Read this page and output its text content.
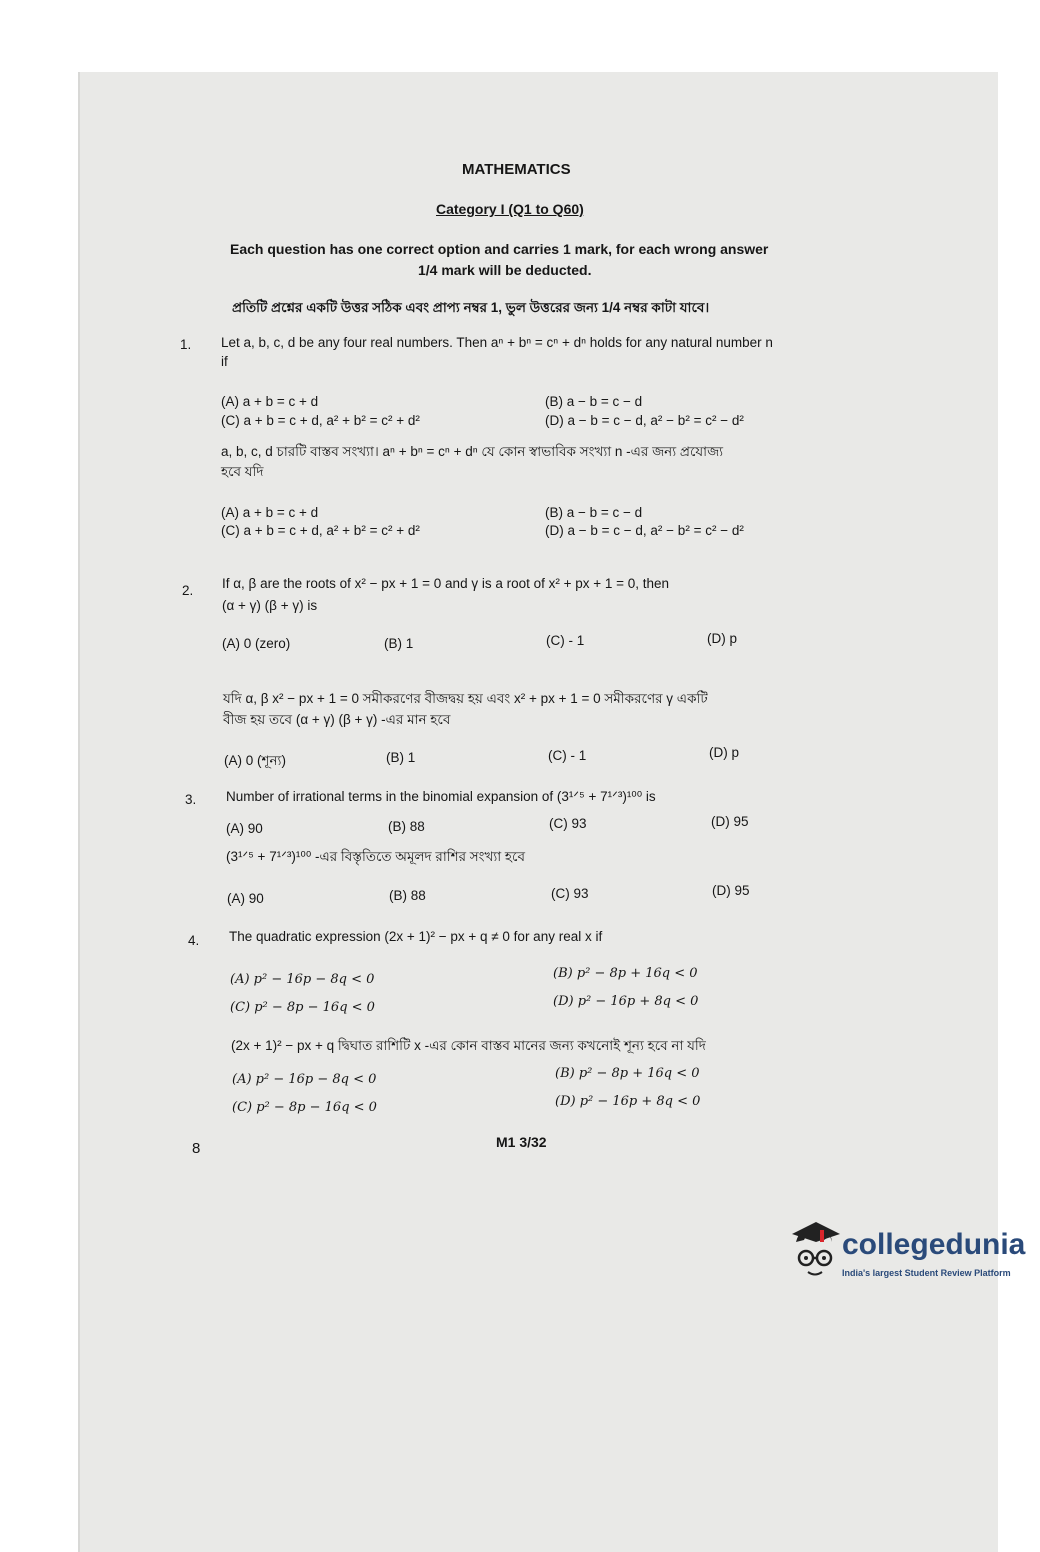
MATHEMATICS
Category I (Q1 to Q60)
Each question has one correct option and carries 1 mark, for each wrong answer
1/4 mark will be deducted.
প্রতিটি প্রশ্নের একটি উত্তর সঠিক এবং প্রাপ্য নম্বর 1, ভুল উত্তরের জন্য 1/4 নম্বর কাটা যাবে।
1. Let a, b, c, d be any four real numbers. Then aⁿ + bⁿ = cⁿ + dⁿ holds for any natural number n
if
(A) a + b = c + d	(B) a − b = c − d
(C) a + b = c + d, a² + b² = c² + d²	(D) a − b = c − d, a² − b² = c² − d²
a, b, c, d চারটি বাস্তব সংখ্যা। aⁿ + bⁿ = cⁿ + dⁿ যে কোন স্বাভাবিক সংখ্যা n -এর জন্য প্রযোজ্য
হবে যদি
(A) a + b = c + d	(B) a − b = c − d
(C) a + b = c + d, a² + b² = c² + d²	(D) a − b = c − d, a² − b² = c² − d²
2. If α, β are the roots of x² − px + 1 = 0 and γ is a root of x² + px + 1 = 0, then
(α + γ) (β + γ) is
(A) 0 (zero)	(B) 1	(C) - 1	(D) p
যদি α, β x² − px + 1 = 0 সমীকরণের বীজদ্বয় হয় এবং x² + px + 1 = 0 সমীকরণের γ একটি
বীজ হয় তবে (α + γ) (β + γ) -এর মান হবে
(A) 0 (শূন্য)	(B) 1	(C) - 1	(D) p
3. Number of irrational terms in the binomial expansion of (3¹ᐟ⁵ + 7¹ᐟ³)¹⁰⁰ is
(A) 90	(B) 88	(C) 93	(D) 95
(3¹ᐟ⁵ + 7¹ᐟ³)¹⁰⁰ -এর বিস্তৃতিতে অমূলদ রাশির সংখ্যা হবে
(A) 90	(B) 88	(C) 93	(D) 95
4. The quadratic expression (2x + 1)² − px + q ≠ 0 for any real x if
(A) p² − 16p − 8q < 0	(B) p² − 8p + 16q < 0
(C) p² − 8p − 16q < 0	(D) p² − 16p + 8q < 0
(2x + 1)² − px + q দ্বিঘাত রাশিটি x -এর কোন বাস্তব মানের জন্য কখনোই শূন্য হবে না যদি
(A) p² − 16p − 8q < 0	(B) p² − 8p + 16q < 0
(C) p² − 8p − 16q < 0	(D) p² − 16p + 8q < 0
8	M1 3/32
collegedunia
India's largest Student Review Platform
